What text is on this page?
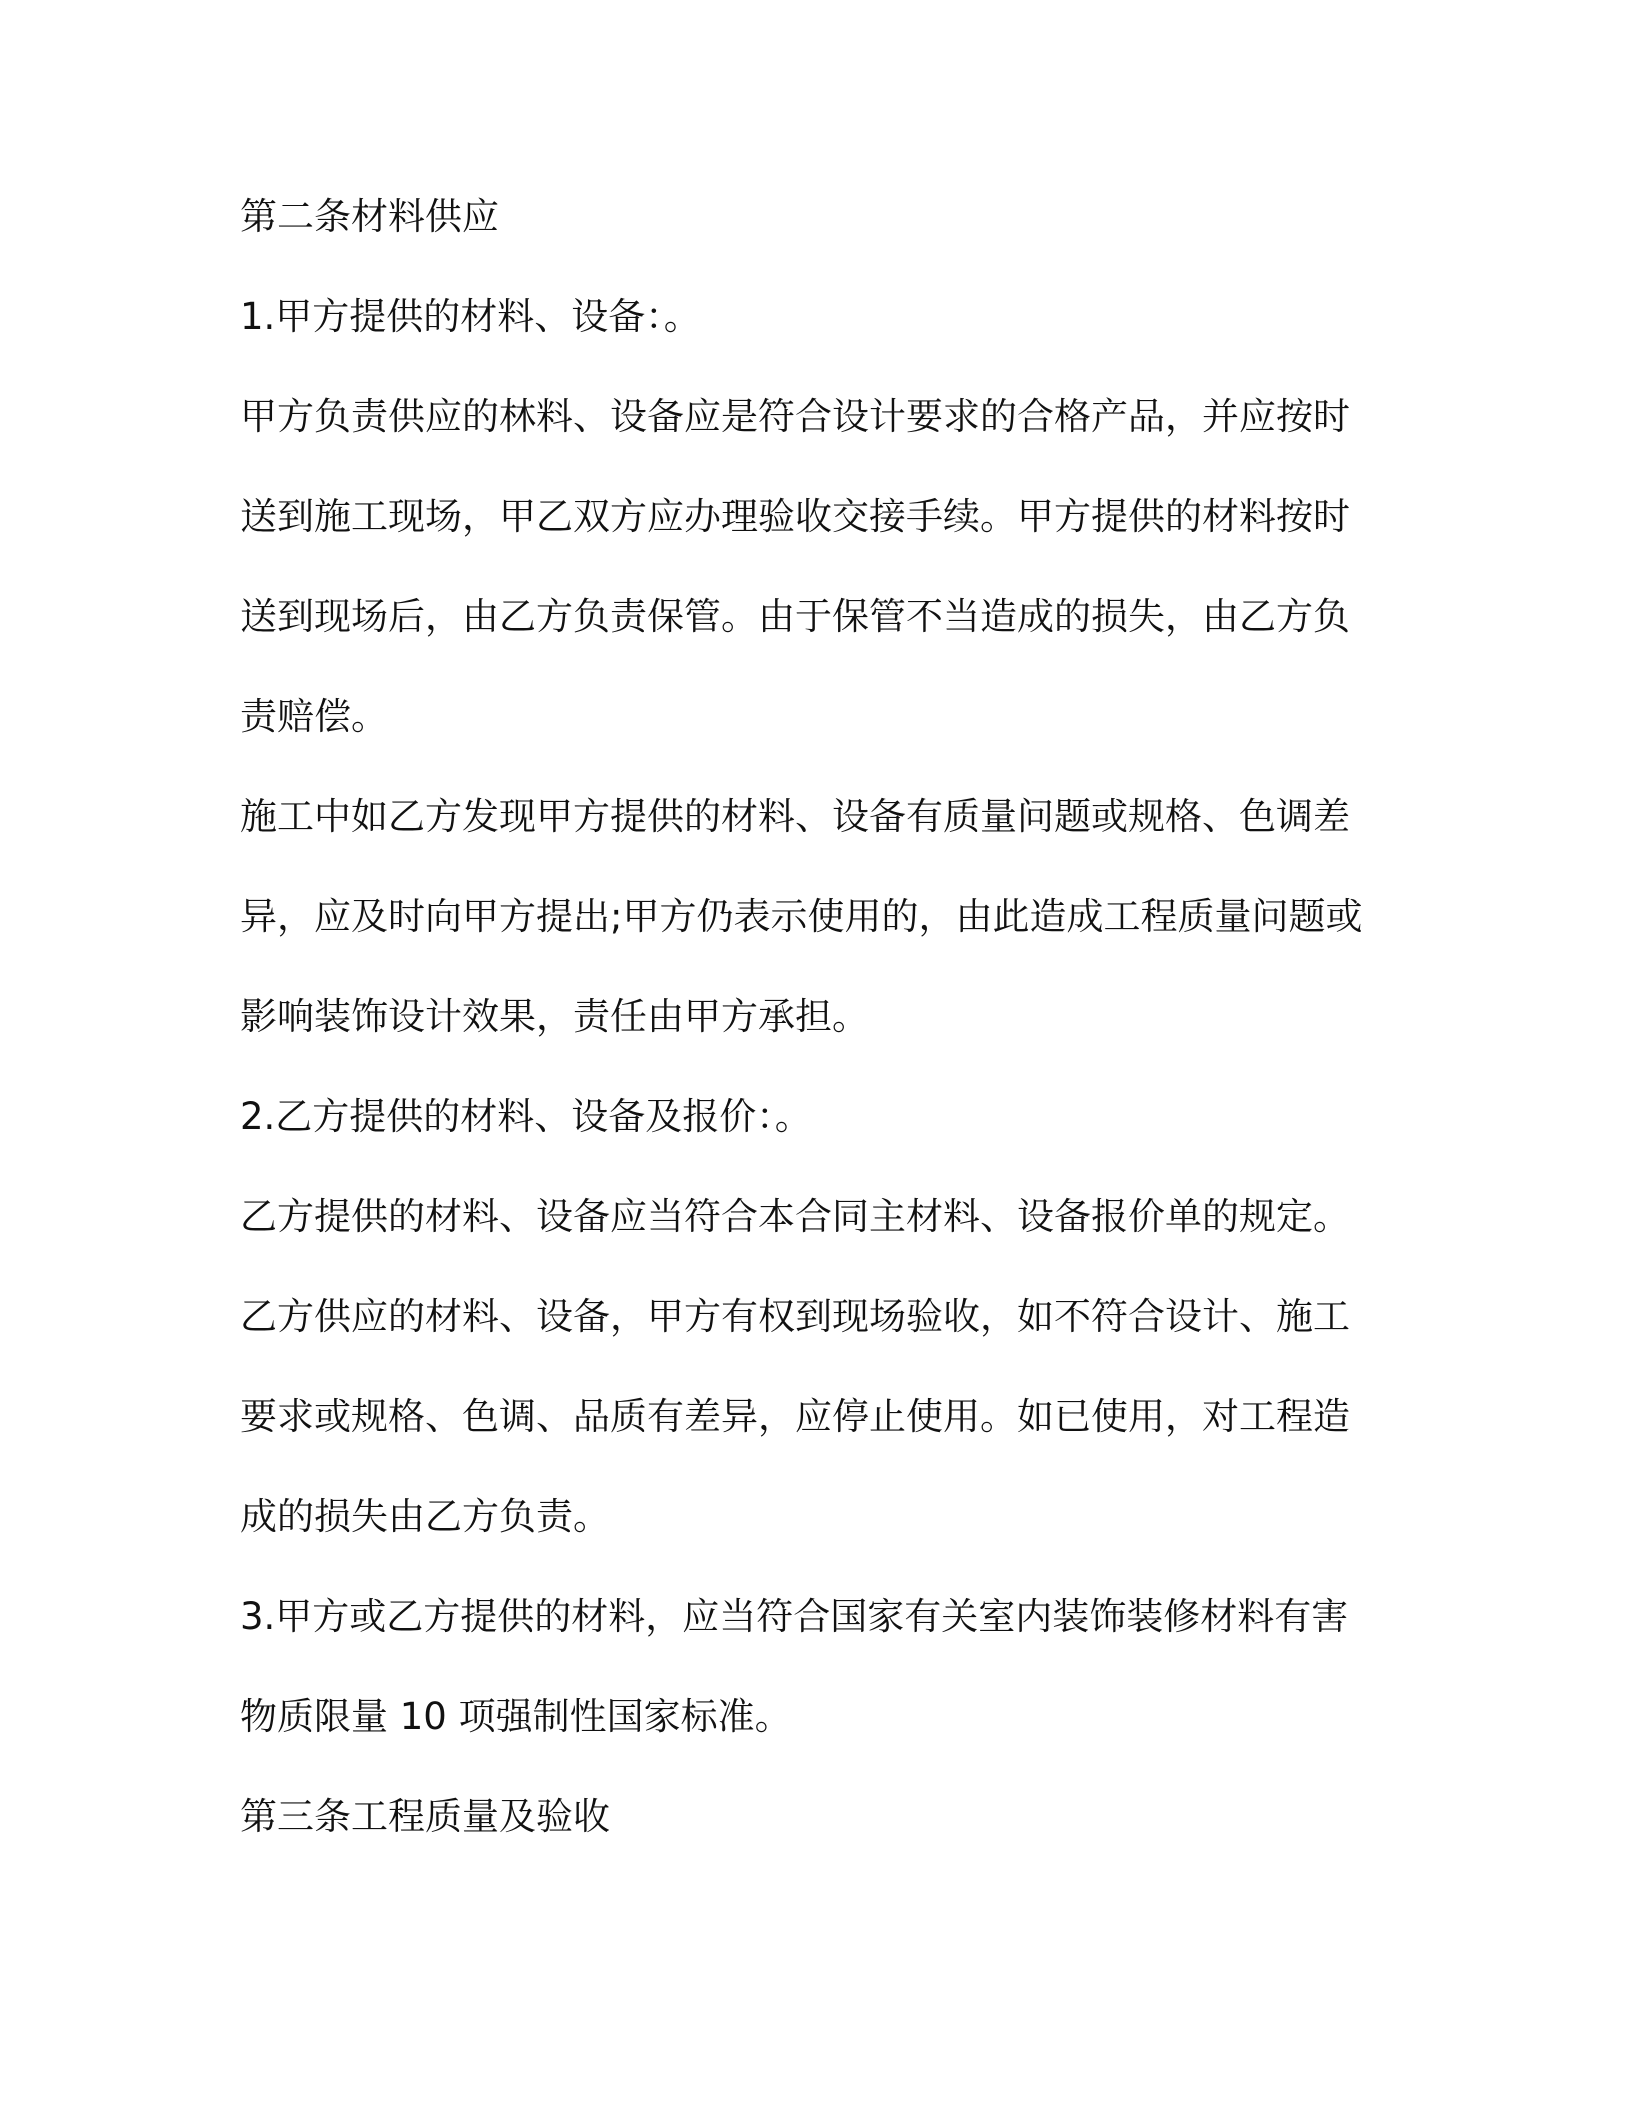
第二条材料供应

1.甲方提供的材料、设备：。

甲方负责供应的林料、设备应是符合设计要求的合格产品，并应按时

送到施工现场，甲乙双方应办理验收交接手续。甲方提供的材料按时

送到现场后，由乙方负责保管。由于保管不当造成的损失，由乙方负

责赔偿。

施工中如乙方发现甲方提供的材料、设备有质量问题或规格、色调差

异，应及时向甲方提出;甲方仍表示使用的，由此造成工程质量问题或

影响装饰设计效果，责任由甲方承担。

2.乙方提供的材料、设备及报价：。

乙方提供的材料、设备应当符合本合同主材料、设备报价单的规定。

乙方供应的材料、设备，甲方有权到现场验收，如不符合设计、施工

要求或规格、色调、品质有差异，应停止使用。如已使用，对工程造

成的损失由乙方负责。

3.甲方或乙方提供的材料，应当符合国家有关室内装饰装修材料有害

物质限量 10 项强制性国家标准。

第三条工程质量及验收
